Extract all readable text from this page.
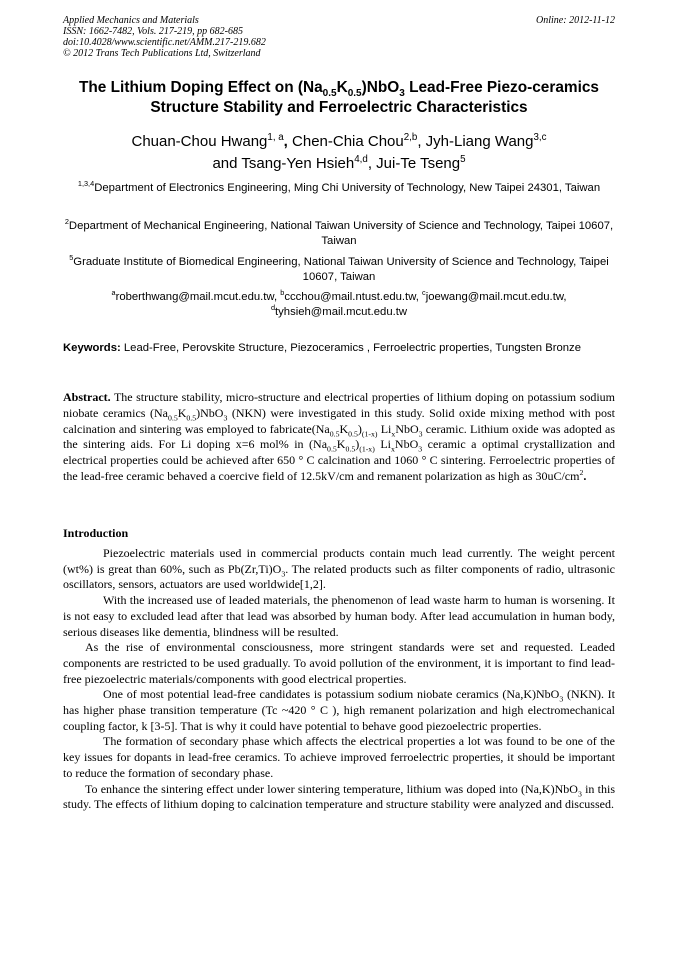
Applied Mechanics and Materials
ISSN: 1662-7482, Vols. 217-219, pp 682-685
doi:10.4028/www.scientific.net/AMM.217-219.682
© 2012 Trans Tech Publications Ltd, Switzerland
Online: 2012-11-12
The Lithium Doping Effect on $(Na_{0.5}K_{0.5})NbO_3$ Lead-Free Piezo-ceramics
Structure Stability and Ferroelectric Characteristics
Chuan-Chou Hwang$^{1, a}$, Chen-Chia Chou$^{2,b}$, Jyh-Liang Wang$^{3,c}$
and Tsang-Yen Hsieh$^{4,d}$, Jui-Te Tseng$^5$
$^{1,3,4}$Department of Electronics Engineering, Ming Chi University of Technology, New Taipei 24301, Taiwan
$^2$Department of Mechanical Engineering, National Taiwan University of Science and Technology, Taipei 10607, Taiwan
$^5$Graduate Institute of Biomedical Engineering, National Taiwan University of Science and Technology, Taipei 10607, Taiwan
$^a$roberthwang@mail.mcut.edu.tw, $^b$ccchou@mail.ntust.edu.tw, $^c$joewang@mail.mcut.edu.tw,
$^d$tyhsieh@mail.mcut.edu.tw
Keywords: Lead-Free, Perovskite Structure, Piezoceramics , Ferroelectric properties, Tungsten Bronze
Abstract. The structure stability, micro-structure and electrical properties of lithium doping on potassium sodium niobate ceramics $(Na_{0.5}K_{0.5})NbO_3$ (NKN) were investigated in this study. Solid oxide mixing method with post calcination and sintering was employed to $fabricate(Na_{0.5}K_{0.5})_{(1-x)}$ $Li_xNbO_3$ ceramic. Lithium oxide was adopted as the sintering aids. For Li doping x=6 mol% in $(Na_{0.5}K_{0.5})_{(1-x)}$ $Li_xNbO_3$ ceramic a optimal crystallization and electrical properties could be achieved after 650 ° C calcination and 1060 ° C sintering. Ferroelectric properties of the lead-free ceramic behaved a coercive field of 12.5kV/cm and remanent polarization as high as $30uC/cm^2$.
Introduction

Piezoelectric materials used in commercial products contain much lead currently. The weight percent (wt%) is great than 60%, such as $Pb(Zr,Ti)O_3$. The related products such as filter components of radio, ultrasonic oscillators, sensors, actuators are used worldwide[1,2].

With the increased use of leaded materials, the phenomenon of lead waste harm to human is worsening. It is not easy to excluded lead after that lead was absorbed by human body. After lead accumulation in human body, serious diseases like dementia, blindness will be resulted.

As the rise of environmental consciousness, more stringent standards were set and requested. Leaded components are restricted to be used gradually. To avoid pollution of the environment, it is important to find lead-free piezoelectric materials/components with good electrical properties.

One of most potential lead-free candidates is potassium sodium niobate ceramics (Na,K)NbO$_3$ (NKN). It has higher phase transition temperature (Tc ~420 ° C ), high remanent polarization and high electromechanical coupling factor, k [3-5]. That is why it could have potential to behave good piezoelectric properties.

The formation of secondary phase which affects the electrical properties a lot was found to be one of the key issues for dopants in lead-free ceramics. To achieve improved ferroelectric properties, it should be important to reduce the formation of secondary phase.

To enhance the sintering effect under lower sintering temperature, lithium was doped into (Na,K)NbO$_3$ in this study. The effects of lithium doping to calcination temperature and structure stability were analyzed and discussed.
